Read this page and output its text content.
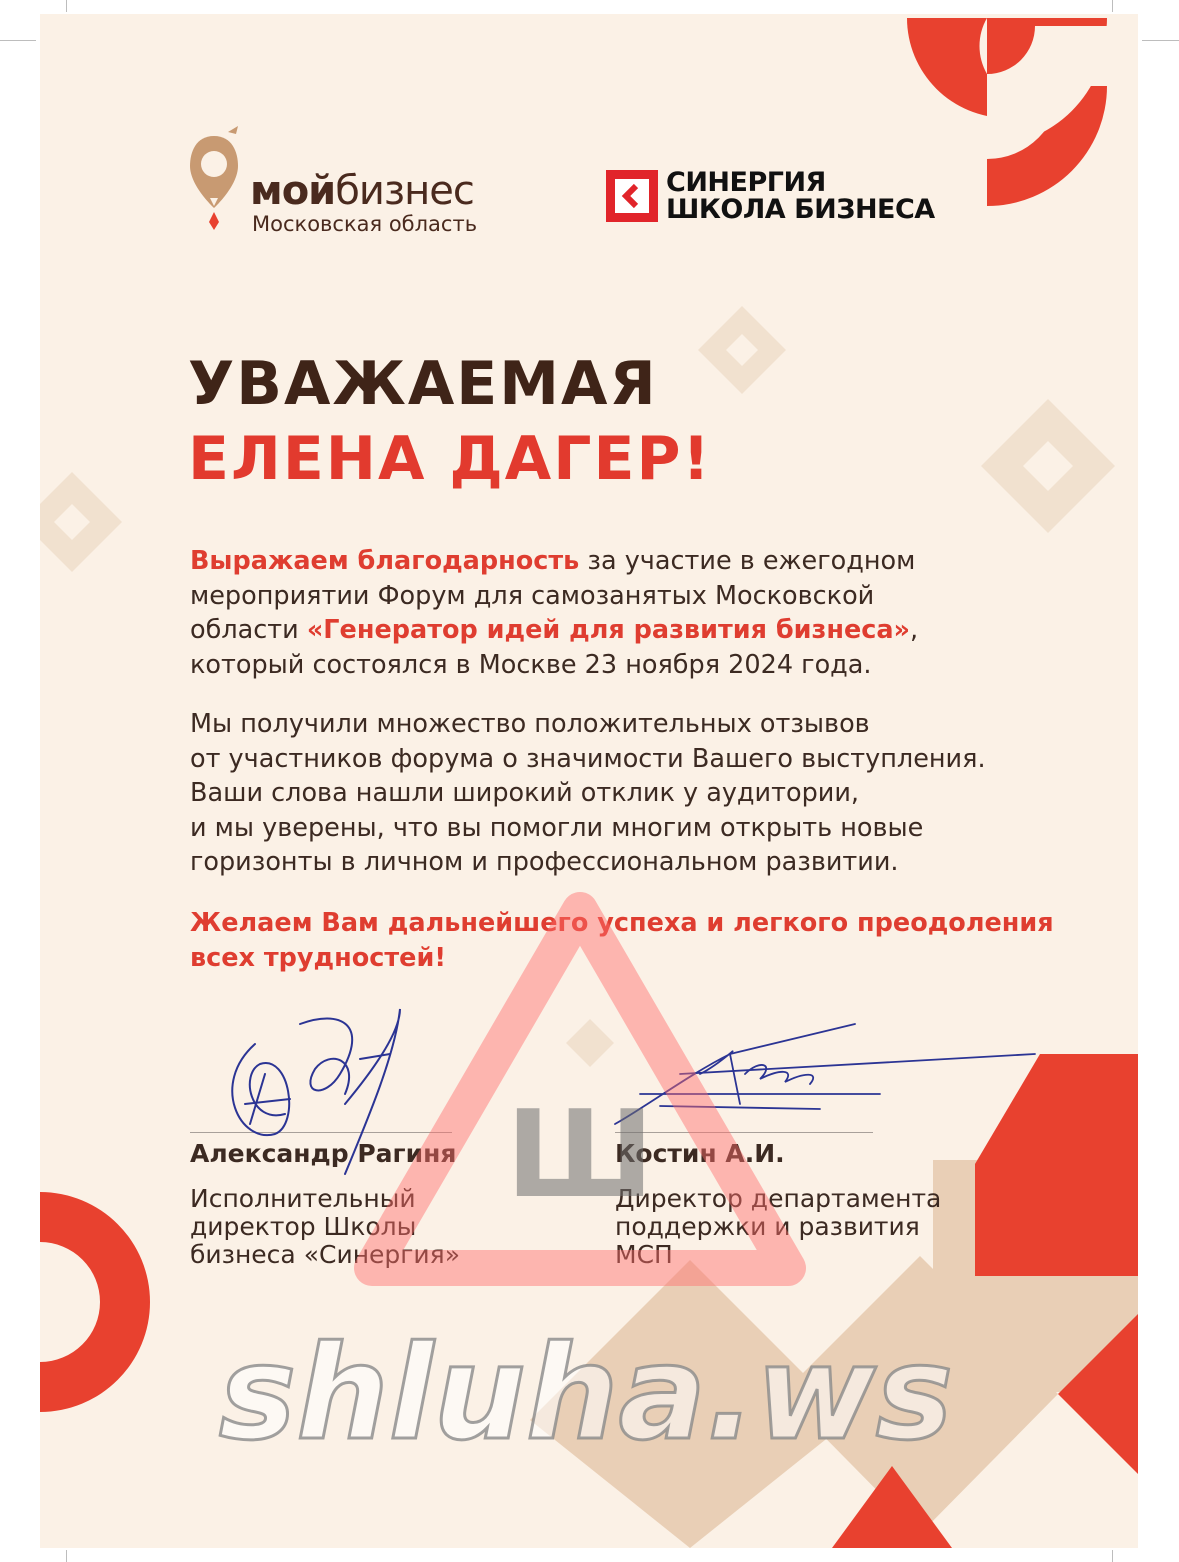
мойбизнес
Московская область
СИНЕРГИЯ
ШКОЛА БИЗНЕСА
УВАЖАЕМАЯ
ЕЛЕНА ДАГЕР!
Выражаем благодарность за участие в ежегодном
мероприятии Форум для самозанятых Московской
области «Генератор идей для развития бизнеса»,
который состоялся в Москве 23 ноября 2024 года.
Мы получили множество положительных отзывов
от участников форума о значимости Вашего выступления.
Ваши слова нашли широкий отклик у аудитории,
и мы уверены, что вы помогли многим открыть новые
горизонты в личном и профессиональном развитии.
Желаем Вам дальнейшего успеха и легкого преодоления
всех трудностей!
Александр Рагиня
Исполнительный
директор Школы
бизнеса «Синергия»
Костин А.И.
Директор департамента
поддержки и развития
МСП
Ш
shluha.ws
